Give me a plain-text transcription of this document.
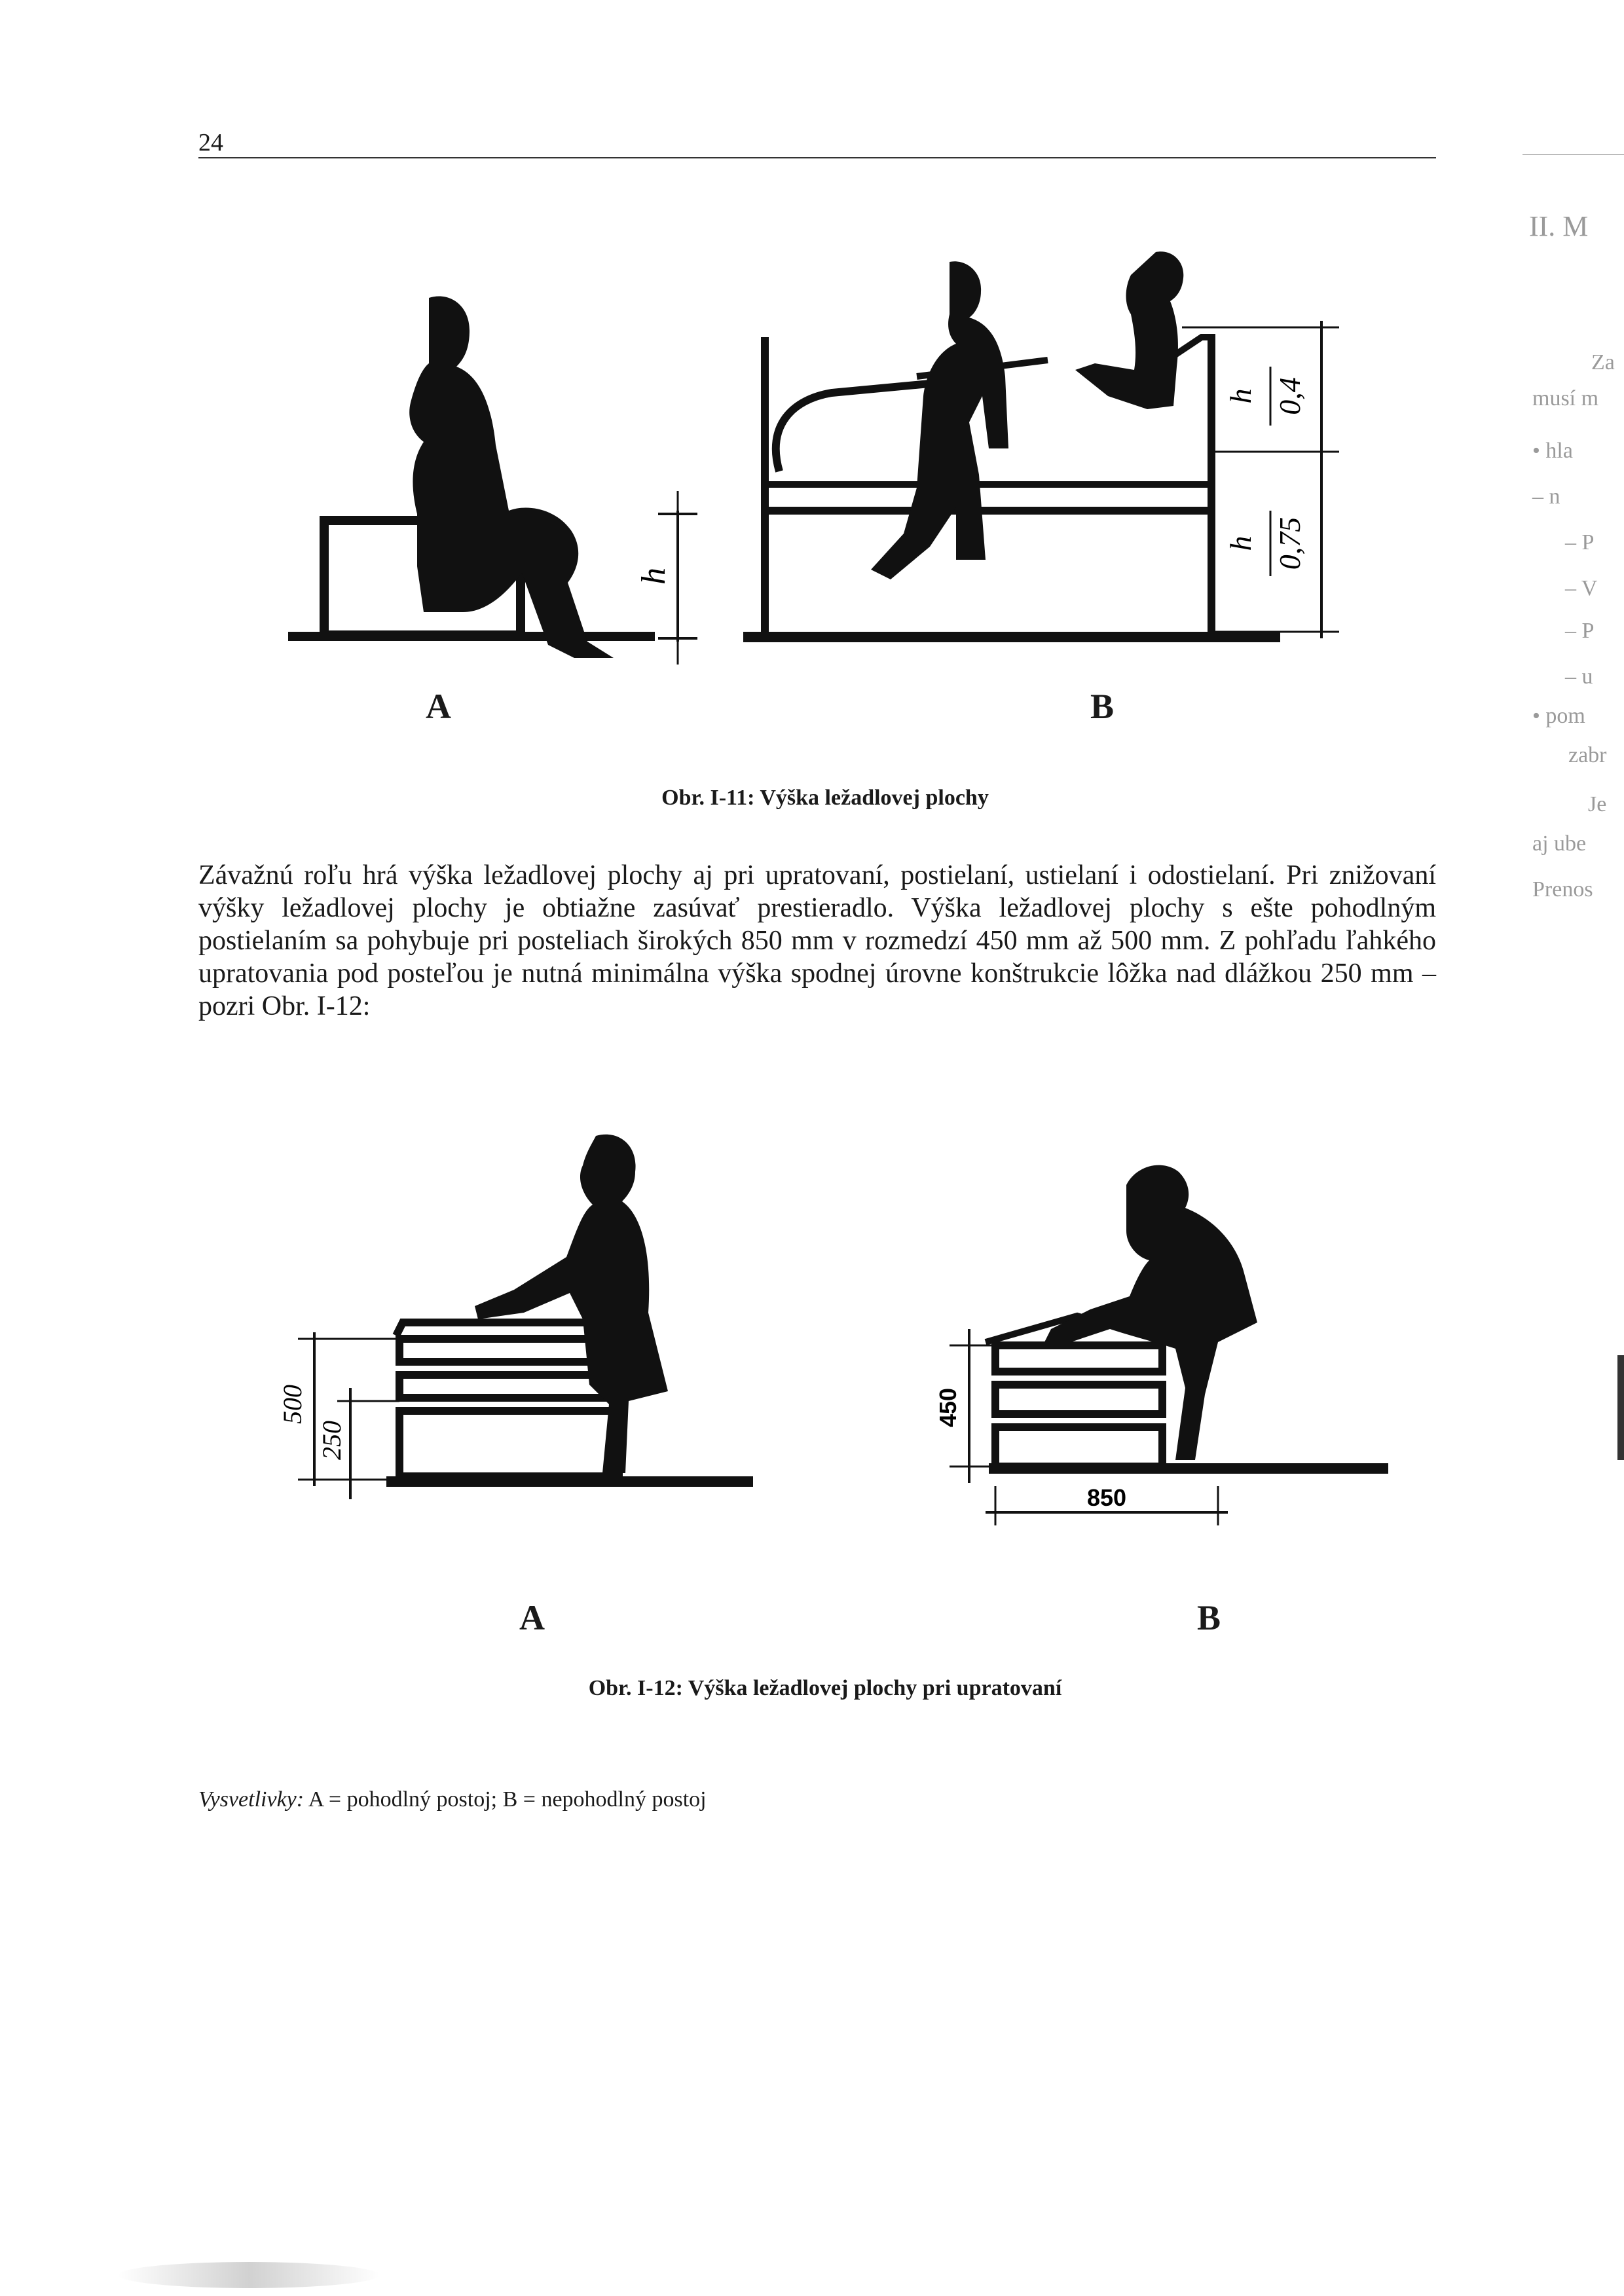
24
II. M
Za
musí m
• hla
– n
– P
– V
– P
– u
• pom
zabr
Je
aj ube
Prenos
h
h 0,4
h 0,75
A	B
Obr. I-11: Výška ležadlovej plochy
Závažnú roľu hrá výška ležadlovej plochy aj pri upratovaní, postielaní, ustielaní i odostielaní. Pri znižovaní výšky ležadlovej plochy je obtiažne zasúvať prestieradlo. Výška ležadlovej plochy s ešte pohodlným postielaním sa pohybuje pri posteliach širokých 850 mm v rozmedzí 450 mm až 500 mm. Z pohľadu ľahkého upratovania pod posteľou je nutná minimálna výška spodnej úrovne konštrukcie lôžka nad dlážkou 250 mm – pozri Obr. I-12:
500
250
450
850
A	B
Obr. I-12: Výška ležadlovej plochy pri upratovaní
Vysvetlivky: A = pohodlný postoj; B = nepohodlný postoj
